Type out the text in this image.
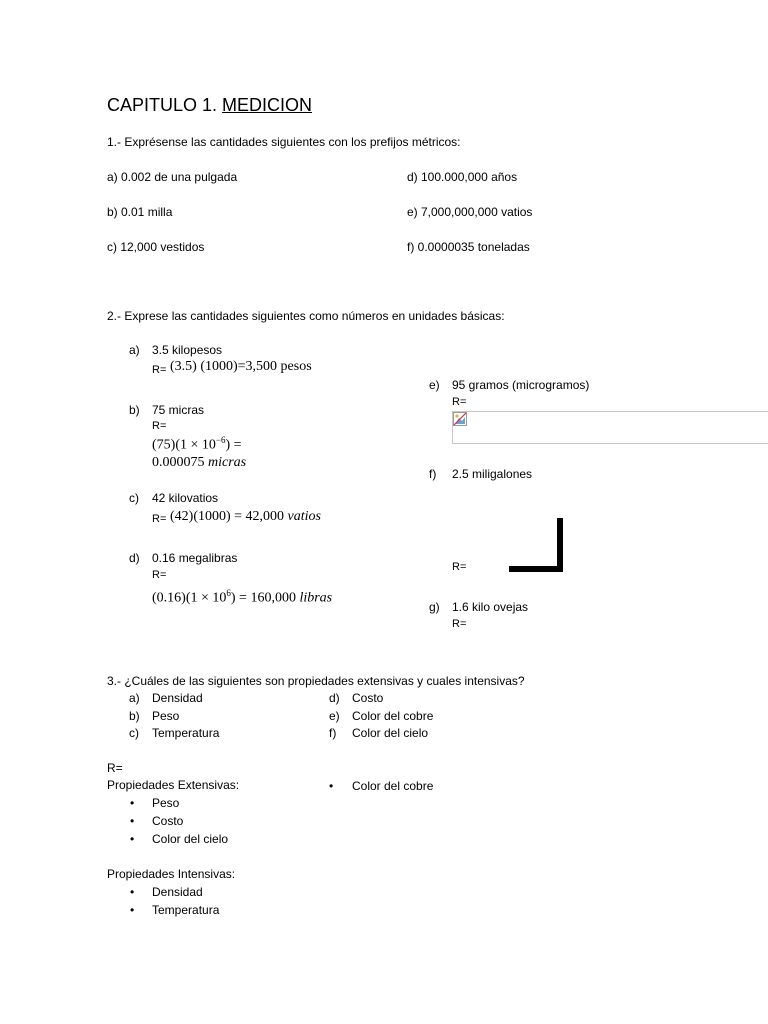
CAPITULO 1. MEDICION
1.- Exprésense las cantidades siguientes con los prefijos métricos:
a) 0.002 de una pulgada
b) 0.01 milla
c) 12,000 vestidos
d) 100.000,000 años
e) 7,000,000,000 vatios
f) 0.0000035 toneladas
2.- Exprese las cantidades siguientes como números en unidades básicas:
a) 3.5 kilopesos
R= (3.5) (1000)=3,500 pesos
b) 75 micras
R=
$(75)(1 \times 10^{-6})$ =
0.000075 micras
c) 42 kilovatios
R= (42)(1000) = 42,000 vatios
d) 0.16 megalibras
R=
$(0.16)(1 \times 10^6) = 160,000$ libras
e) 95 gramos (microgramos)
R=
f) 2.5 miligalones
R=
g) 1.6 kilo ovejas
R=
3.- ¿Cuáles de las siguientes son propiedades extensivas y cuales intensivas?
a) Densidad
b) Peso
c) Temperatura
d) Costo
e) Color del cobre
f) Color del cielo
R=
Propiedades Extensivas:
• Peso
• Costo
• Color del cielo
• Color del cobre
Propiedades Intensivas:
• Densidad
• Temperatura
